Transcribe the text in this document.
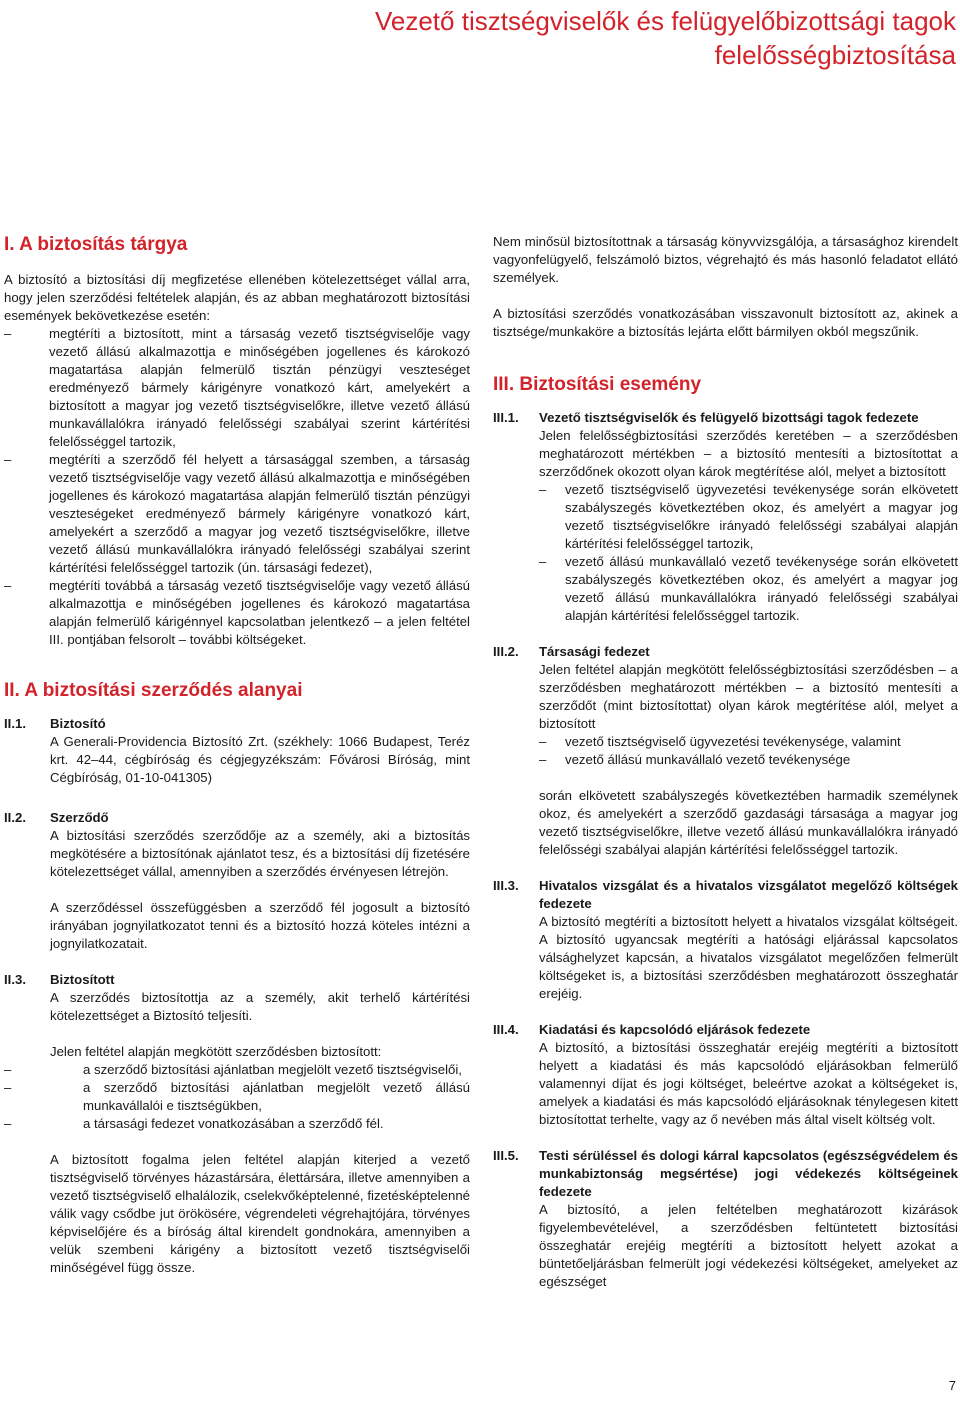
Vezető tisztségviselők és felügyelőbizottsági tagok
felelősségbiztosítása
I. A biztosítás tárgya

A biztosító a biztosítási díj megfizetése ellenében kötelezettséget vállal arra, hogy jelen szerződési feltételek alapján, és az abban meghatározott biztosítási események bekövetkezése esetén:

–	megtéríti a biztosított, mint a társaság vezető tisztségviselője vagy vezető állású alkalmazottja e minőségében jogellenes és károkozó magatartása alapján felmerülő tisztán pénzügyi veszteséget eredményező bármely kárigényre vonatkozó kárt, amelyekért a biztosított a magyar jog vezető tisztségviselőkre, illetve vezető állású munkavállalókra irányadó felelősségi szabályai szerint kártérítési felelősséggel tartozik,
–	megtéríti a szerződő fél helyett a társasággal szemben, a társaság vezető tisztségviselője vagy vezető állású alkalmazottja e minőségében jogellenes és károkozó magatartása alapján felmerülő tisztán pénzügyi veszteségeket eredményező bármely kárigényre vonatkozó kárt, amelyekért a szerződő a magyar jog vezető tisztségviselőkre, illetve vezető állású munkavállalókra irányadó felelősségi szabályai szerint kártérítési felelősséggel tartozik (ún. társasági fedezet),
–	megtéríti továbbá a társaság vezető tisztségviselője vagy vezető állású alkalmazottja e minőségében jogellenes és károkozó magatartása alapján felmerülő kárigénnyel kapcsolatban jelentkező – a jelen feltétel III. pontjában felsorolt – további költségeket.
II. A biztosítási szerződés alanyai
II.1. Biztosító

A Generali-Providencia Biztosító Zrt. (székhely: 1066 Budapest, Teréz krt. 42–44, cégbíróság és cégjegyzékszám: Fővárosi Bíróság, mint Cégbíróság, 01-10-041305)

II.2. Szerződő

A biztosítási szerződés szerződője az a személy, aki a biztosítás megkötésére a biztosítónak ajánlatot tesz, és a biztosítási díj fizetésére kötelezettséget vállal, amennyiben a szerződés érvényesen létrejön.

A szerződéssel összefüggésben a szerződő fél jogosult a biztosító irányában jognyilatkozatot tenni és a biztosító hozzá köteles intézni a jognyilatkozatait.

II.3. Biztosított

A szerződés biztosítottja az a személy, akit terhelő kártérítési kötelezettséget a Biztosító teljesíti.

Jelen feltétel alapján megkötött szerződésben biztosított:

–	a szerződő biztosítási ajánlatban megjelölt vezető tisztségviselői,
–	a szerződő biztosítási ajánlatban megjelölt vezető állású munkavállalói e tisztségükben,
–	a társasági fedezet vonatkozásában a szerződő fél.

A biztosított fogalma jelen feltétel alapján kiterjed a vezető tisztségviselő törvényes házastársára, élettársára, illetve amennyiben a vezető tisztségviselő elhalálozik, cselekvőképtelenné, fizetésképtelenné válik vagy csődbe jut örökösére, végrendeleti végrehajtójára, törvényes képviselőjére és a bíróság által kirendelt gondnokára, amennyiben a velük szembeni kárigény a biztosított vezető tisztségviselői minőségével függ össze.

Nem minősül biztosítottnak a társaság könyvvizsgálója, a társasághoz kirendelt vagyonfelügyelő, felszámoló biztos, végrehajtó és más hasonló feladatot ellátó személyek.

A biztosítási szerződés vonatkozásában visszavonult biztosított az, akinek a tisztsége/munkaköre a biztosítás lejárta előtt bármilyen okból megszűnik.

III. Biztosítási esemény
III.1. Vezető tisztségviselők és felügyelő bizottsági tagok fedezete

Jelen felelősségbiztosítási szerződés keretében – a szerződésben meghatározott mértékben – a biztosító mentesíti a biztosítottat a szerződőnek okozott olyan károk megtérítése alól, melyet a biztosított

– vezető tisztségviselő ügyvezetési tevékenysége során elkövetett szabályszegés következtében okoz, és amelyért a magyar jog vezető tisztségviselőkre irányadó felelősségi szabályai alapján kártérítési felelősséggel tartozik,
– vezető állású munkavállaló vezető tevékenysége során elkövetett szabályszegés következtében okoz, és amelyért a magyar jog vezető állású munkavállalókra irányadó felelősségi szabályai alapján kártérítési felelősséggel tartozik.
III.2. Társasági fedezet

Jelen feltétel alapján megkötött felelősségbiztosítási szerződésben – a szerződésben meghatározott mértékben – a biztosító mentesíti a szerződőt (mint biztosítottat) olyan károk megtérítése alól, melyet a biztosított

– vezető tisztségviselő ügyvezetési tevékenysége, valamint
– vezető állású munkavállaló vezető tevékenysége

során elkövetett szabályszegés következtében harmadik személynek okoz, és amelyekért a szerződő gazdasági társasága a magyar jog vezető tisztségviselőkre, illetve vezető állású munkavállalókra irányadó felelősségi szabályai alapján kártérítési felelősséggel tartozik.

III.3. Hivatalos vizsgálat és a hivatalos vizsgálatot megelőző költségek fedezete

A biztosító megtéríti a biztosított helyett a hivatalos vizsgálat költségeit. A biztosító ugyancsak megtéríti a hatósági eljárással kapcsolatos válsághelyzet kapcsán, a hivatalos vizsgálatot megelőzően felmerült költségeket is, a biztosítási szerződésben meghatározott összeghatár erejéig.

III.4. Kiadatási és kapcsolódó eljárások fedezete

A biztosító, a biztosítási összeghatár erejéig megtéríti a biztosított helyett a kiadatási és más kapcsolódó eljárásokban felmerülő valamennyi díjat és jogi költséget, beleértve azokat a költségeket is, amelyek a kiadatási és más kapcsolódó eljárásoknak ténylegesen kitett biztosítottat terhelte, vagy az ő nevében más által viselt költség volt.

III.5. Testi sérüléssel és dologi kárral kapcsolatos (egészségvédelem és munkabiztonság megsértése) jogi védekezés költségeinek fedezete

A biztosító, a jelen feltételben meghatározott kizárások figyelembevételével, a szerződésben feltüntetett biztosítási összeghatár erejéig megtéríti a biztosított helyett azokat a büntetőeljárásban felmerült jogi védekezési költségeket, amelyeket az egészséget

7
